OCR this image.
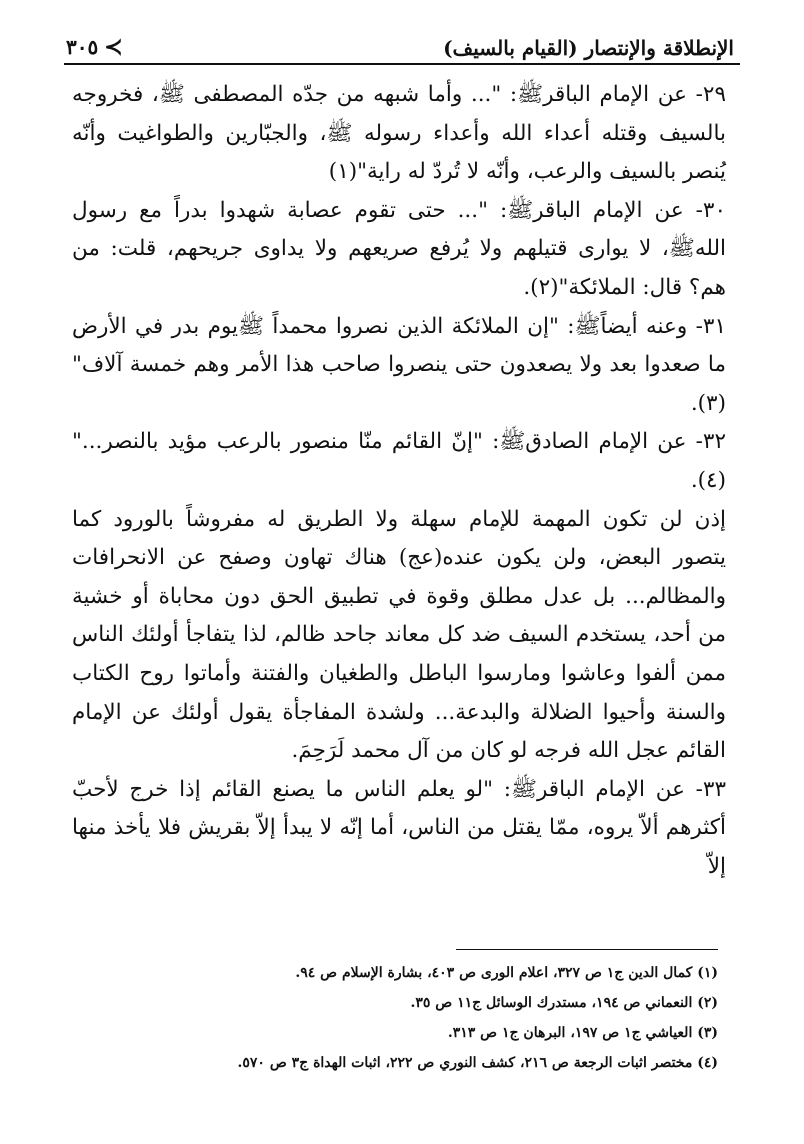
٣٠٥ ≺	الإنطلاقة والإنتصار (القيام بالسيف)

٢٩- عن الإمام الباقرﷺ: "... وأما شبهه من جدّه المصطفى ﷺ، فخروجه بالسيف وقتله أعداء الله وأعداء رسوله ﷺ، والجبّارين والطواغيت وأنّه يُنصر بالسيف والرعب، وأنّه لا تُردّ له راية"(١)

٣٠- عن الإمام الباقرﷺ: "... حتى تقوم عصابة شهدوا بدراً مع رسول اللهﷺ، لا يوارى قتيلهم ولا يُرفع صريعهم ولا يداوى جريحهم، قلت: من هم؟ قال: الملائكة"(٢).

٣١- وعنه أيضاًﷺ: "إن الملائكة الذين نصروا محمداً ﷺيوم بدر في الأرض ما صعدوا بعد ولا يصعدون حتى ينصروا صاحب هذا الأمر وهم خمسة آلاف"(٣).

٣٢- عن الإمام الصادقﷺ: "إنّ القائم منّا منصور بالرعب مؤيد بالنصر..."(٤).

إذن لن تكون المهمة للإمام سهلة ولا الطريق له مفروشاً بالورود كما يتصور البعض، ولن يكون عنده(عج) هناك تهاون وصفح عن الانحرافات والمظالم... بل عدل مطلق وقوة في تطبيق الحق دون محاباة أو خشية من أحد، يستخدم السيف ضد كل معاند جاحد ظالم، لذا يتفاجأ أولئك الناس ممن ألفوا وعاشوا ومارسوا الباطل والطغيان والفتنة وأماتوا روح الكتاب والسنة وأحيوا الضلالة والبدعة... ولشدة المفاجأة يقول أولئك عن الإمام القائم عجل الله فرجه لو كان من آل محمد لَرَحِمَ.

٣٣- عن الإمام الباقرﷺ: "لو يعلم الناس ما يصنع القائم إذا خرج لأحبّ أكثرهم ألاّ يروه، ممّا يقتل من الناس، أما إنّه لا يبدأ إلاّ بقريش فلا يأخذ منها إلاّ

(١) كمال الدين ج١ ص ٣٢٧، اعلام الورى ص ٤٠٣، بشارة الإسلام ص ٩٤.

(٢) النعماني ص ١٩٤، مستدرك الوسائل ج١١ ص ٣٥.

(٣) العياشي ج١ ص ١٩٧، البرهان ج١ ص ٣١٣.

(٤) مختصر اثبات الرجعة ص ٢١٦، كشف النوري ص ٢٢٢، اثبات الهداة ج٣ ص ٥٧٠.
